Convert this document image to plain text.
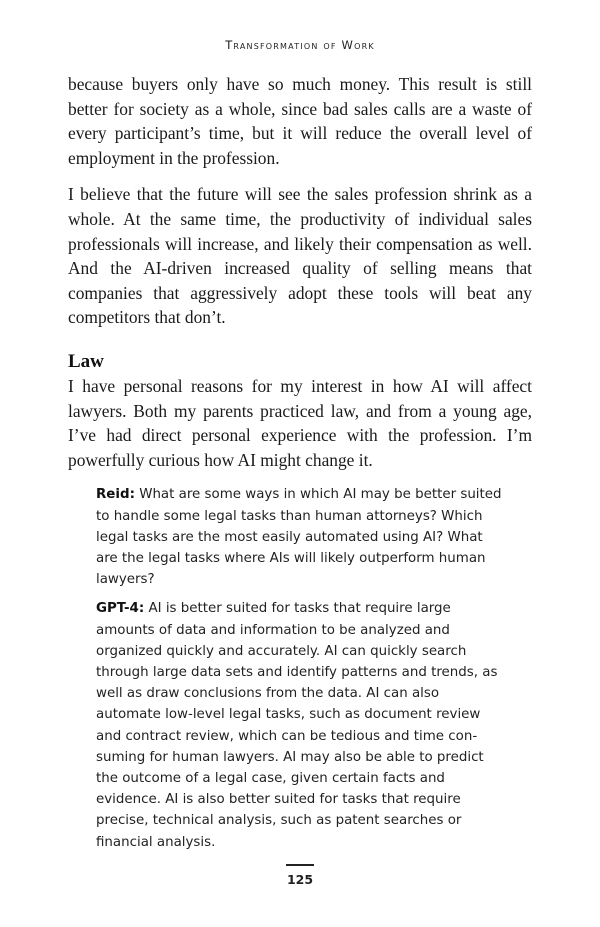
Transformation of Work

because buyers only have so much money. This result is still better for society as a whole, since bad sales calls are a waste of every participant’s time, but it will reduce the overall level of employment in the profession.

I believe that the future will see the sales profession shrink as a whole. At the same time, the productivity of individual sales professionals will increase, and likely their compensation as well. And the AI-driven increased quality of selling means that companies that aggressively adopt these tools will beat any competitors that don’t.

Law

I have personal reasons for my interest in how AI will affect lawyers. Both my parents practiced law, and from a young age, I’ve had direct personal experience with the profession. I’m powerfully curious how AI might change it.

Reid: What are some ways in which AI may be better suited to handle some legal tasks than human attorneys? Which legal tasks are the most easily automated using AI? What are the legal tasks where AIs will likely outperform human lawyers?

GPT-4: AI is better suited for tasks that require large amounts of data and information to be analyzed and organized quickly and accurately. AI can quickly search through large data sets and identify patterns and trends, as well as draw conclusions from the data. AI can also automate low-level legal tasks, such as document review and contract review, which can be tedious and time consuming for human lawyers. AI may also be able to predict the outcome of a legal case, given certain facts and evidence. AI is also better suited for tasks that require precise, technical analysis, such as patent searches or financial analysis.

125
